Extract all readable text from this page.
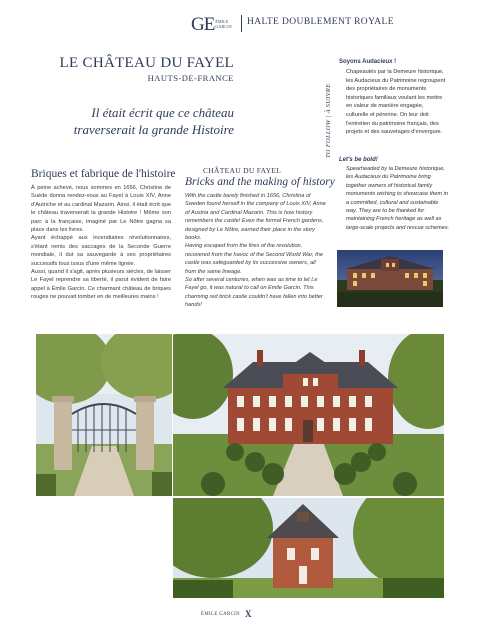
GE ÉMILE GARCIN	HALTE DOUBLEMENT ROYALE
LE CHÂTEAU DU FAYEL
HAUTS-DE-FRANCE
Il était écrit que ce château traverserait la grande Histoire	TO FOLLOW | À SUIVRE
Soyons Audacieux !
Chapeautés par la Demeure historique, les Audacieux du Patrimoine regroupent des propriétaires de monuments historiques familiaux voulant les mettre en valeur de manière engagée, culturelle et pérenne. On leur doit l'entretien du patrimoine français, des projets et des sauvetages d'envergure.
Let's be bold!
Spearheaded by la Demeure historique, les Audacieux du Patrimoine bring together owners of historical family monuments wishing to showcase them in a committed, cultural and sustainable way. They are to be thanked for maintaining French heritage as well as large-scale projects and rescue schemes.
Briques et fabrique de l'histoire

À peine achevé, nous sommes en 1656, Christine de Suède donna rendez-vous au Fayel à Louis XIV, Anne d'Autriche et au cardinal Mazarin. Ainsi, il était écrit que le château traverserait la grande Histoire ! Même son parc à la française, imaginé par Le Nôtre gagna sa place dans les livres.

Ayant échappé aux incendiaires révolutionnaires, s'étant remis des saccages de la Seconde Guerre mondiale, il dut sa sauvegarde à ses propriétaires successifs tous issus d'une même lignée.

Aussi, quand il s'agit, après plusieurs siècles, de laisser Le Fayel reprendre sa liberté, il parut évident de faire appel à Émile Garcin. Ce charmant château de briques rouges ne pouvait tomber en de meilleures mains !

CHÂTEAU DU FAYEL
Bricks and the making of history

With the castle barely finished in 1656, Christina of Sweden found herself in the company of Louis XIV, Anne of Austria and Cardinal Mazarin. This is how history remembers the castle! Even the formal French gardens, designed by Le Nôtre, earned their place in the story books.

Having escaped from the fires of the revolution, recovered from the havoc of the Second World War, the castle was safeguarded by its successive owners, all from the same lineage.

So after several centuries, when was as time to let Le Fayel go, it was natural to call on Emile Garcin. This charming red brick castle couldn't have fallen into better hands!

ÉMILE GARCIN X
